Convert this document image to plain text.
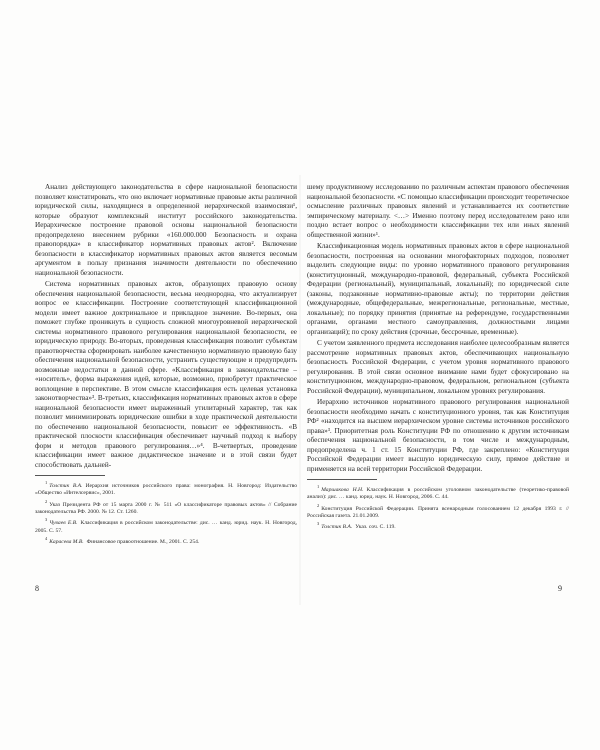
Анализ действующего законодательства в сфере национальной безопасности позволяет констатировать, что оно включает нормативные правовые акты различной юридической силы, находящиеся в определенной иерархической взаимосвязи¹, которые образуют комплексный институт российского законодательства. Иерархическое построение правовой основы национальной безопасности предопределено внесением рубрики «160.000.000 Безопасность и охрана правопорядка» в классификатор нормативных правовых актов². Включение безопасности в классификатор нормативных правовых актов является весомым аргументом в пользу признания значимости деятельности по обеспечению национальной безопасности.

Система нормативных правовых актов, образующих правовую основу обеспечения национальной безопасности, весьма неоднородна, что актуализирует вопрос ее классификации. Построение соответствующей классификационной модели имеет важное доктринальное и прикладное значение. Во-первых, она поможет глубже проникнуть в сущность сложной многоуровневой иерархической системы нормативного правового регулирования национальной безопасности, ее юридическую природу. Во-вторых, проведенная классификация позволит субъектам правотворчества сформировать наиболее качественную нормативную правовую базу обеспечения национальной безопасности, устранить существующие и предупредить возможные недостатки в данной сфере. «Классификация в законодательстве – «носитель», форма выражения идей, которые, возможно, приобретут практическое воплощение в перспективе. В этом смысле классификация есть целевая установка законотворчества»³. В-третьих, классификация нормативных правовых актов в сфере национальной безопасности имеет выраженный утилитарный характер, так как позволит минимизировать юридические ошибки в ходе практической деятельности по обеспечению национальной безопасности, повысит ее эффективность. «В практической плоскости классификация обеспечивает научный подход к выбору форм и методов правового регулирования…»⁴. В-четвертых, проведение классификации имеет важное дидактическое значение и в этой связи будет способствовать дальней-

$^1$Толстик В.А. Иерархия источников российского права: монография. Н. Новгород: Издательство «Общество «Интелсервис», 2001.

$^2$Указ Президента РФ от 15 марта 2000 г. № 511 «О классификаторе правовых актов» // Собрание законодательства РФ. 2000. № 12. Ст. 1260.

$^3$Чуваев Е.В. Классификация в российском законодательстве: дис. … канд. юрид. наук. Н. Новгород, 2005. С. 57.

$^4$Карасева М.В. Финансовое правоотношение. М., 2001. С. 254.

шему продуктивному исследованию по различным аспектам правового обеспечения национальной безопасности. «С помощью классификации происходит теоретическое осмысление различных правовых явлений и устанавливается их соответствие эмпирическому материалу. <…> Именно поэтому перед исследователем рано или поздно встает вопрос о необходимости классификации тех или иных явлений общественной жизни»¹.

Классификационная модель нормативных правовых актов в сфере национальной безопасности, построенная на основании многофакторных подходов, позволяет выделить следующие виды: по уровню нормативного правового регулирования (конституционный, международно-правовой, федеральный, субъекта Российской Федерации (региональный), муниципальный, локальный); по юридической силе (законы, подзаконные нормативно-правовые акты); по территории действия (международные, общефедеральные, межрегиональные, региональные, местные, локальные); по порядку принятия (принятые на референдуме, государственными органами, органами местного самоуправления, должностными лицами организаций); по сроку действия (срочные, бессрочные, временные).

С учетом заявленного предмета исследования наиболее целесообразным является рассмотрение нормативных правовых актов, обеспечивающих национальную безопасность Российской Федерации, с учетом уровня нормативного правового регулирования. В этой связи основное внимание нами будет сфокусировано на конституционном, международно-правовом, федеральном, региональном (субъекта Российской Федерации), муниципальном, локальном уровнях регулирования.

Иерархию источников нормативного правового регулирования национальной безопасности необходимо начать с конституционного уровня, так как Конституция РФ² «находится на высшем иерархическом уровне системы источников российского права»³. Приоритетная роль Конституции РФ по отношению к другим источникам обеспечения национальной безопасности, в том числе и международным, предопределена ч. 1 ст. 15 Конституции РФ, где закреплено: «Конституция Российской Федерации имеет высшую юридическую силу, прямое действие и применяется на всей территории Российской Федерации.

$^1$Маршакова Н.Н. Классификация в российском уголовном законодательстве (теоретико-правовой анализ): дис. … канд. юрид. наук. Н. Новгород, 2006. С. 44.

$^2$Конституция Российской Федерации. Принята всенародным голосованием 12 декабря 1993 г. // Российская газета. 21.01.2009.

$^3$Толстик В.А. Указ. соч. С. 119.

8	9
